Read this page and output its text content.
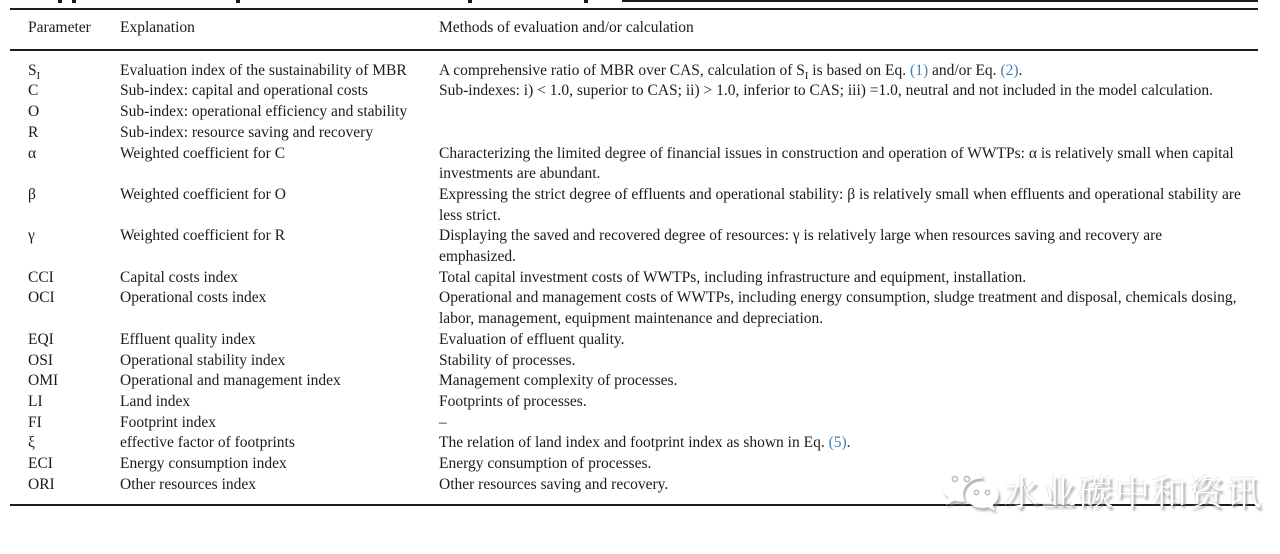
Parameter	Explanation	Methods of evaluation and/or calculation
$S_I$	Evaluation index of the sustainability of MBR	A comprehensive ratio of MBR over CAS, calculation of $S_I$ is based on Eq. (1) and/or Eq. (2).
C	Sub-index: capital and operational costs	Sub-indexes: i) < 1.0, superior to CAS; ii) > 1.0, inferior to CAS; iii) =1.0, neutral and not included in the model calculation.
O	Sub-index: operational efficiency and stability	
R	Sub-index: resource saving and recovery	
α	Weighted coefficient for C	Characterizing the limited degree of financial issues in construction and operation of WWTPs: α is relatively small when capital investments are abundant.
β	Weighted coefficient for O	Expressing the strict degree of effluents and operational stability: β is relatively small when effluents and operational stability are less strict.
γ	Weighted coefficient for R	Displaying the saved and recovered degree of resources: γ is relatively large when resources saving and recovery are emphasized.
CCI	Capital costs index	Total capital investment costs of WWTPs, including infrastructure and equipment, installation.
OCI	Operational costs index	Operational and management costs of WWTPs, including energy consumption, sludge treatment and disposal, chemicals dosing, labor, management, equipment maintenance and depreciation.
EQI	Effluent quality index	Evaluation of effluent quality.
OSI	Operational stability index	Stability of processes.
OMI	Operational and management index	Management complexity of processes.
LI	Land index	Footprints of processes.
FI	Footprint index	–
ξ	effective factor of footprints	The relation of land index and footprint index as shown in Eq. (5).
ECI	Energy consumption index	Energy consumption of processes.
ORI	Other resources index	Other resources saving and recovery.	水业碳中和资讯
